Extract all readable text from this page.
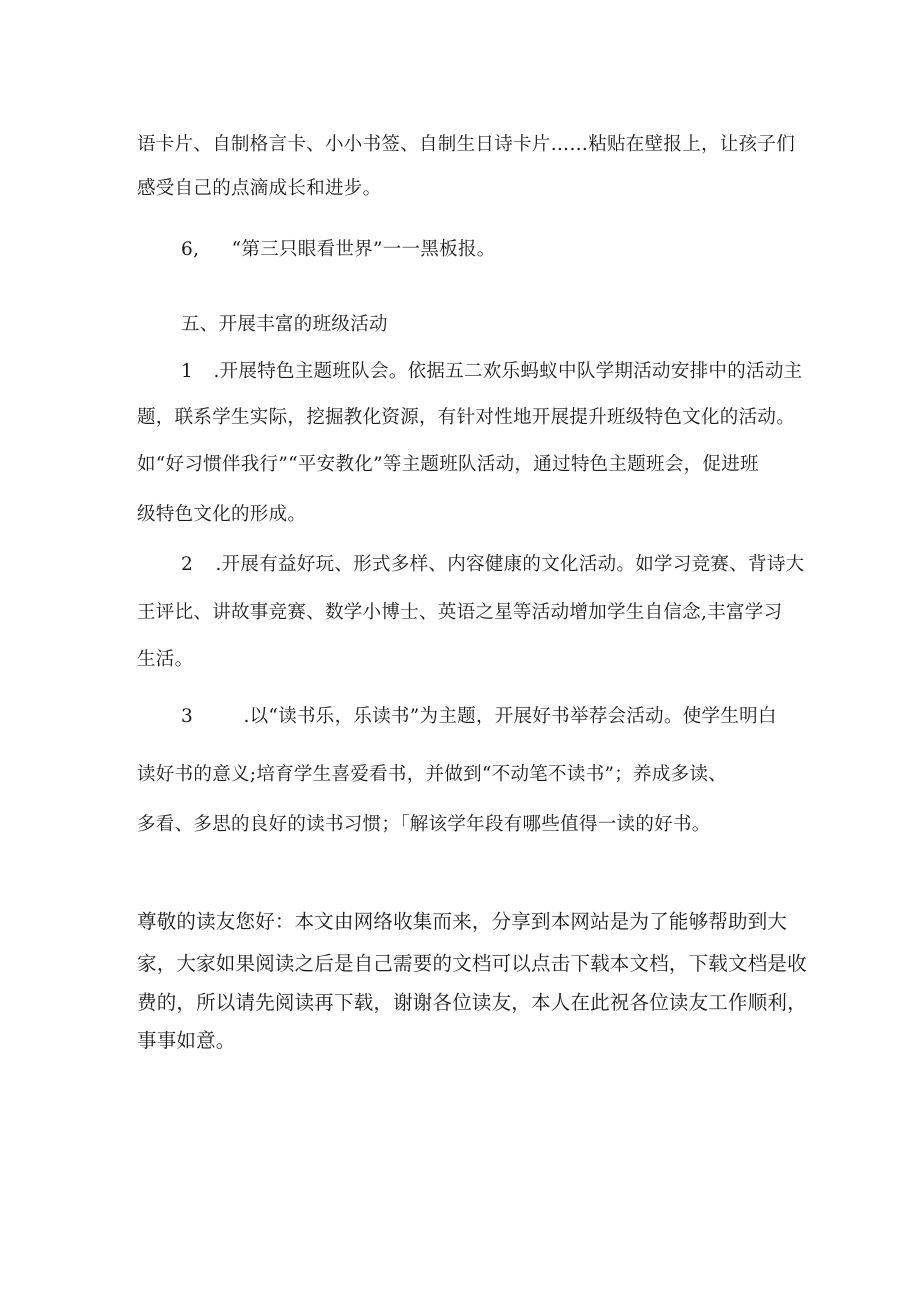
语卡片、自制格言卡、小小书签、自制生日诗卡片……粘贴在壁报上，让孩子们
感受自己的点滴成长和进步。
6, “第三只眼看世界”一一黑板报。
五、开展丰富的班级活动
1 .开展特色主题班队会。依据五二欢乐蚂蚁中队学期活动安排中的活动主
题，联系学生实际，挖掘教化资源，有针对性地开展提升班级特色文化的活动。
如“好习惯伴我行”“平安教化”等主题班队活动，通过特色主题班会，促进班
级特色文化的形成。
2 .开展有益好玩、形式多样、内容健康的文化活动。如学习竞赛、背诗大
王评比、讲故事竞赛、数学小博士、英语之星等活动增加学生自信念,丰富学习
生活。
3	.以“读书乐，乐读书”为主题，开展好书举荐会活动。使学生明白
读好书的意义;培育学生喜爱看书，并做到“不动笔不读书”；养成多读、
多看、多思的良好的读书习惯；「解该学年段有哪些值得一读的好书。
尊敬的读友您好：本文由网络收集而来，分享到本网站是为了能够帮助到大
家，大家如果阅读之后是自己需要的文档可以点击下载本文档，下载文档是收
费的，所以请先阅读再下载，谢谢各位读友，本人在此祝各位读友工作顺利，
事事如意。
